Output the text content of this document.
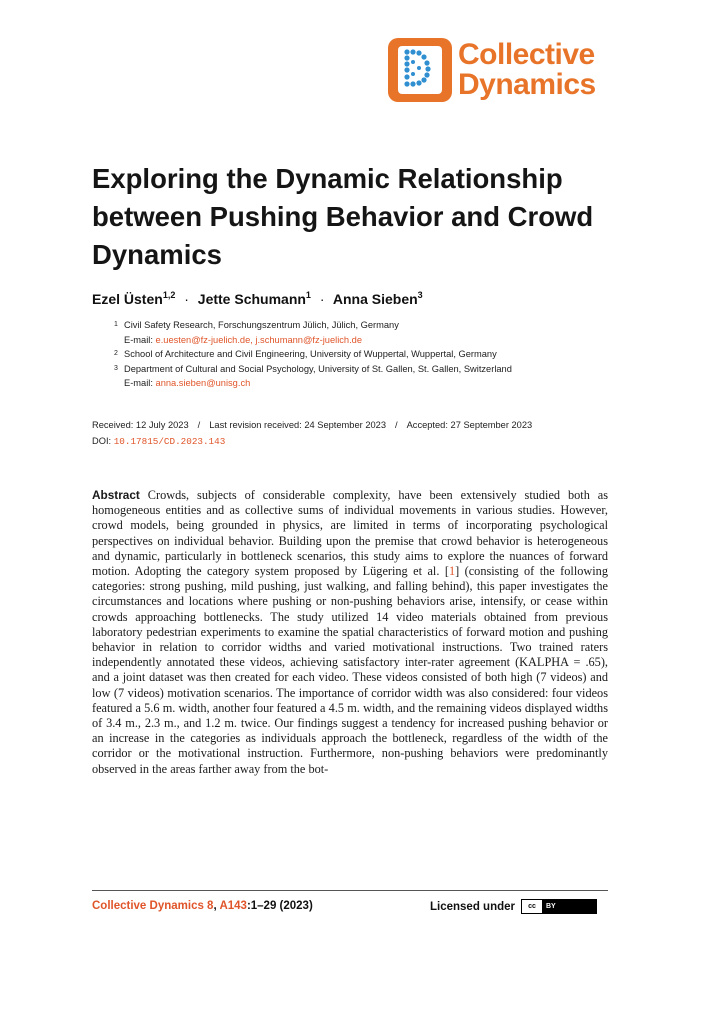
Collective
Dynamics
Exploring the Dynamic Relationship between Pushing Behavior and Crowd Dynamics
Ezel Üsten$^{1,2}$ · Jette Schumann$^1$ · Anna Sieben$^3$
1 Civil Safety Research, Forschungszentrum Jülich, Jülich, Germany
E-mail: e.uesten@fz-juelich.de, j.schumann@fz-juelich.de
2 School of Architecture and Civil Engineering, University of Wuppertal, Wuppertal, Germany
3 Department of Cultural and Social Psychology, University of St. Gallen, St. Gallen, Switzerland
E-mail: anna.sieben@unisg.ch
Received: 12 July 2023 / Last revision received: 24 September 2023 / Accepted: 27 September 2023
DOI: 10.17815/CD.2023.143

Abstract Crowds, subjects of considerable complexity, have been extensively studied both as homogeneous entities and as collective sums of individual movements in various studies. However, crowd models, being grounded in physics, are limited in terms of incorporating psychological perspectives on individual behavior. Building upon the premise that crowd behavior is heterogeneous and dynamic, particularly in bottleneck scenarios, this study aims to explore the nuances of forward motion. Adopting the category system proposed by Lügering et al. [1] (consisting of the following categories: strong pushing, mild pushing, just walking, and falling behind), this paper investigates the circumstances and locations where pushing or non-pushing behaviors arise, intensify, or cease within crowds approaching bottlenecks. The study utilized 14 video materials obtained from previous laboratory pedestrian experiments to examine the spatial characteristics of forward motion and pushing behavior in relation to corridor widths and varied motivational instructions. Two trained raters independently annotated these videos, achieving satisfactory inter-rater agreement (KALPHA = .65), and a joint dataset was then created for each video. These videos consisted of both high (7 videos) and low (7 videos) motivation scenarios. The importance of corridor width was also considered: four videos featured a 5.6 m. width, another four featured a 4.5 m. width, and the remaining videos displayed widths of 3.4 m., 2.3 m., and 1.2 m. twice. Our findings suggest a tendency for increased pushing behavior or an increase in the categories as individuals approach the bottleneck, regardless of the width of the corridor or the motivational instruction. Furthermore, non-pushing behaviors were predominantly observed in the areas farther away from the bot-

Collective Dynamics 8, A143:1–29 (2023)	Licensed under	cc	BY
